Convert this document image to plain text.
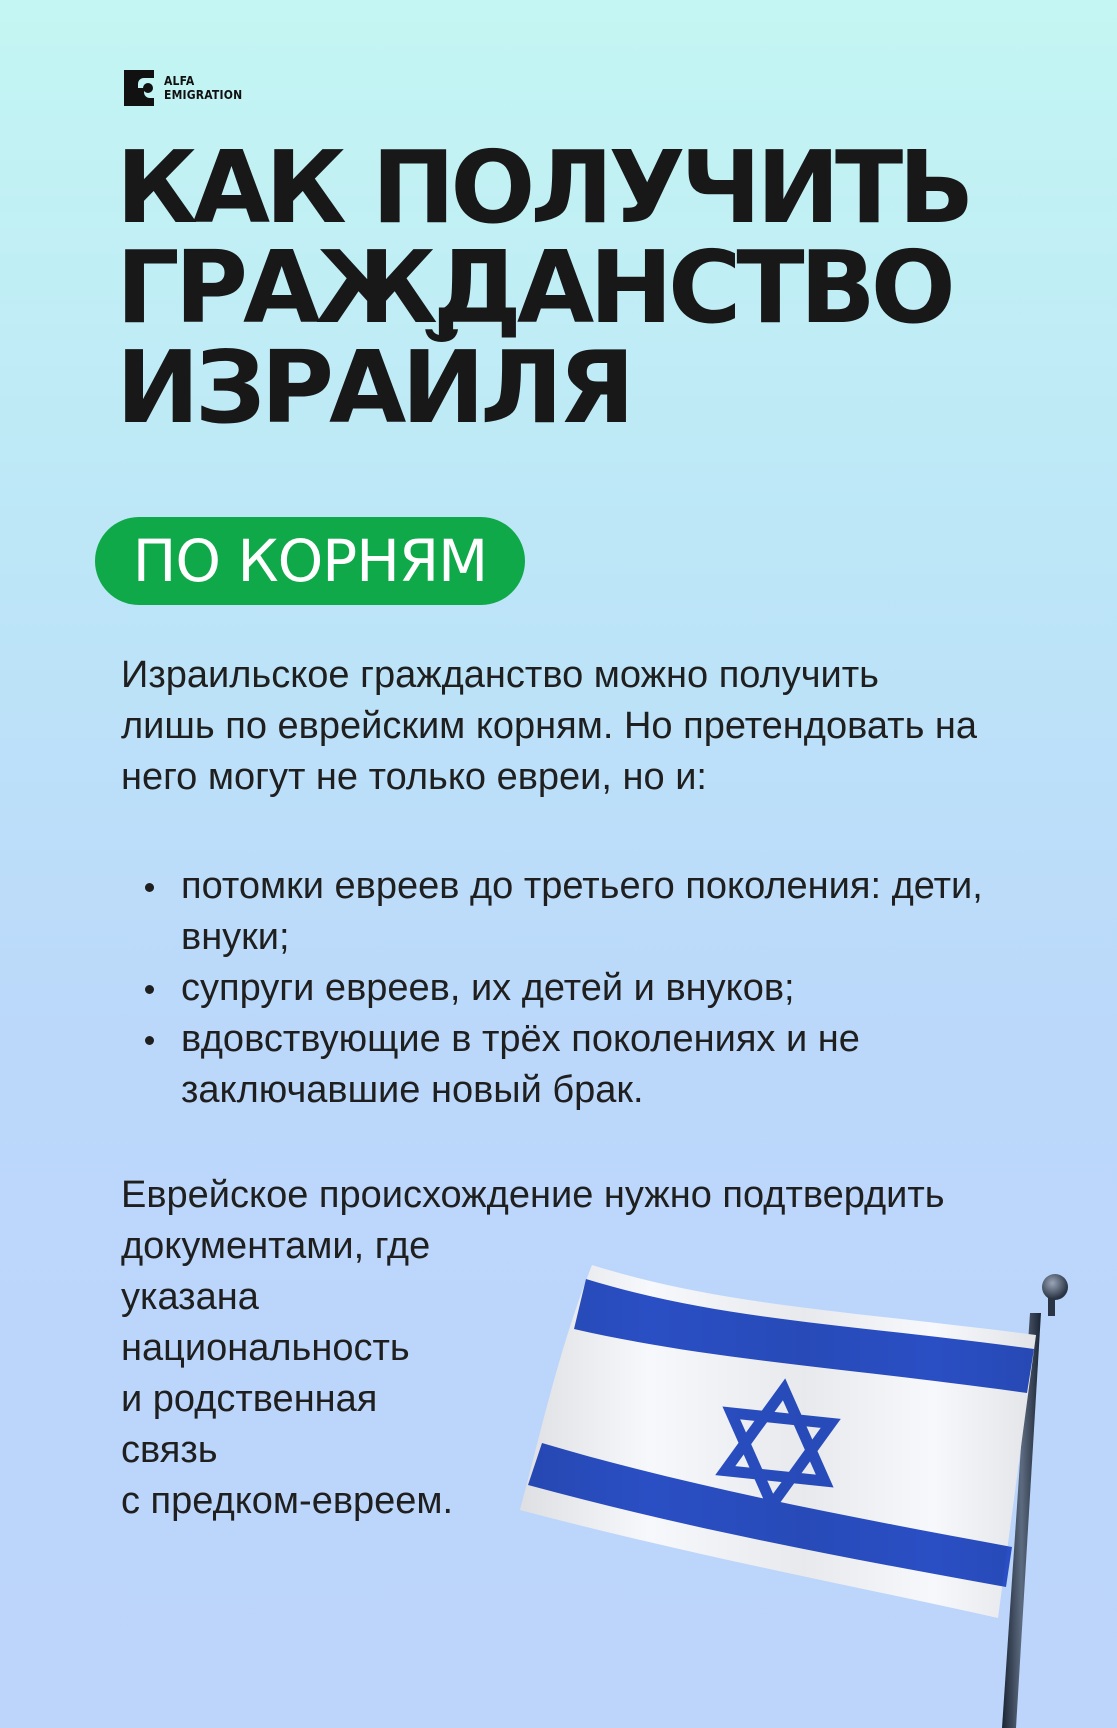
ALFA
EMIGRATION
КАК ПОЛУЧИТЬ
ГРАЖДАНСТВО
ИЗРАЙЛЯ
ПО КОРНЯМ

Израильское гражданство можно получить

лишь по еврейским корням. Но претендовать на

него могут не только евреи, но и:

потомки евреев до третьего поколения: дети,
внуки;
супруги евреев, их детей и внуков;
вдовствующие в трёх поколениях и не
заключавшие новый брак.

Еврейское происхождение нужно подтвердить

документами, где

указана

национальность

и родственная

связь

с предком-евреем.
